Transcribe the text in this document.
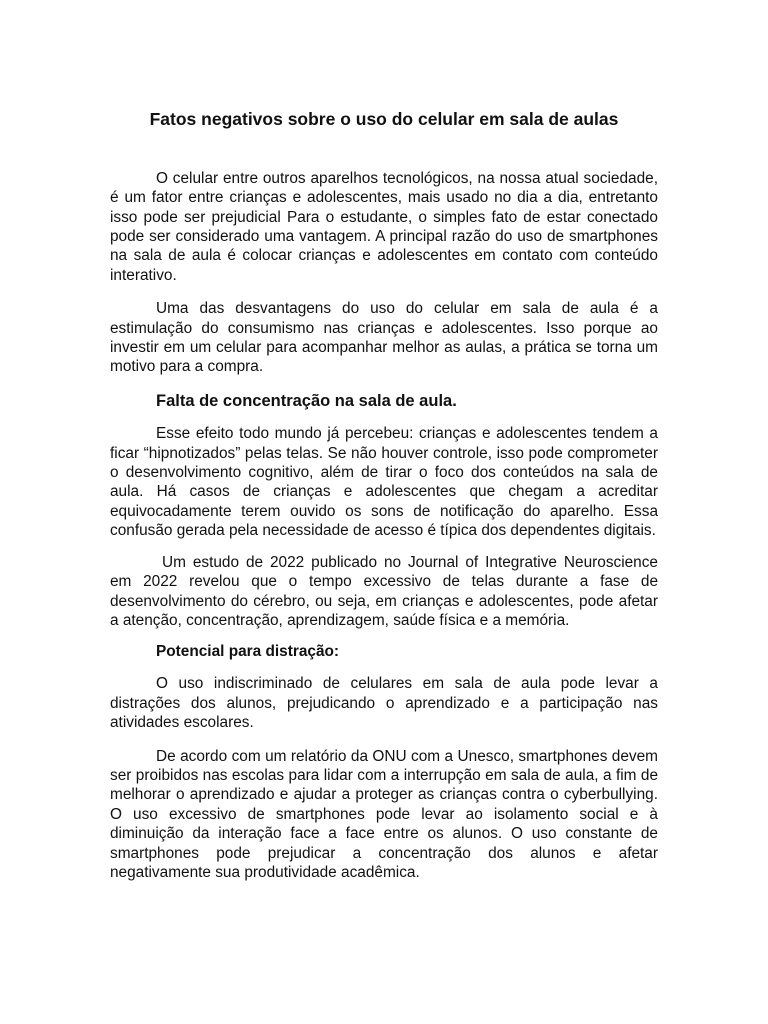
Fatos negativos sobre o uso do celular em sala de aulas

O celular entre outros aparelhos tecnológicos, na nossa atual sociedade, é um fator entre crianças e adolescentes, mais usado no dia a dia, entretanto isso pode ser prejudicial Para o estudante, o simples fato de estar conectado pode ser considerado uma vantagem. A principal razão do uso de smartphones na sala de aula é colocar crianças e adolescentes em contato com conteúdo interativo.

Uma das desvantagens do uso do celular em sala de aula é a estimulação do consumismo nas crianças e adolescentes. Isso porque ao investir em um celular para acompanhar melhor as aulas, a prática se torna um motivo para a compra.

Falta de concentração na sala de aula.

Esse efeito todo mundo já percebeu: crianças e adolescentes tendem a ficar “hipnotizados” pelas telas. Se não houver controle, isso pode comprometer o desenvolvimento cognitivo, além de tirar o foco dos conteúdos na sala de aula. Há casos de crianças e adolescentes que chegam a acreditar equivocadamente terem ouvido os sons de notificação do aparelho. Essa confusão gerada pela necessidade de acesso é típica dos dependentes digitais.

Um estudo de 2022 publicado no Journal of Integrative Neuroscience em 2022 revelou que o tempo excessivo de telas durante a fase de desenvolvimento do cérebro, ou seja, em crianças e adolescentes, pode afetar a atenção, concentração, aprendizagem, saúde física e a memória.

Potencial para distração:

O uso indiscriminado de celulares em sala de aula pode levar a distrações dos alunos, prejudicando o aprendizado e a participação nas atividades escolares.

De acordo com um relatório da ONU com a Unesco, smartphones devem ser proibidos nas escolas para lidar com a interrupção em sala de aula, a fim de melhorar o aprendizado e ajudar a proteger as crianças contra o cyberbullying. O uso excessivo de smartphones pode levar ao isolamento social e à diminuição da interação face a face entre os alunos. O uso constante de smartphones pode prejudicar a concentração dos alunos e afetar negativamente sua produtividade acadêmica.
